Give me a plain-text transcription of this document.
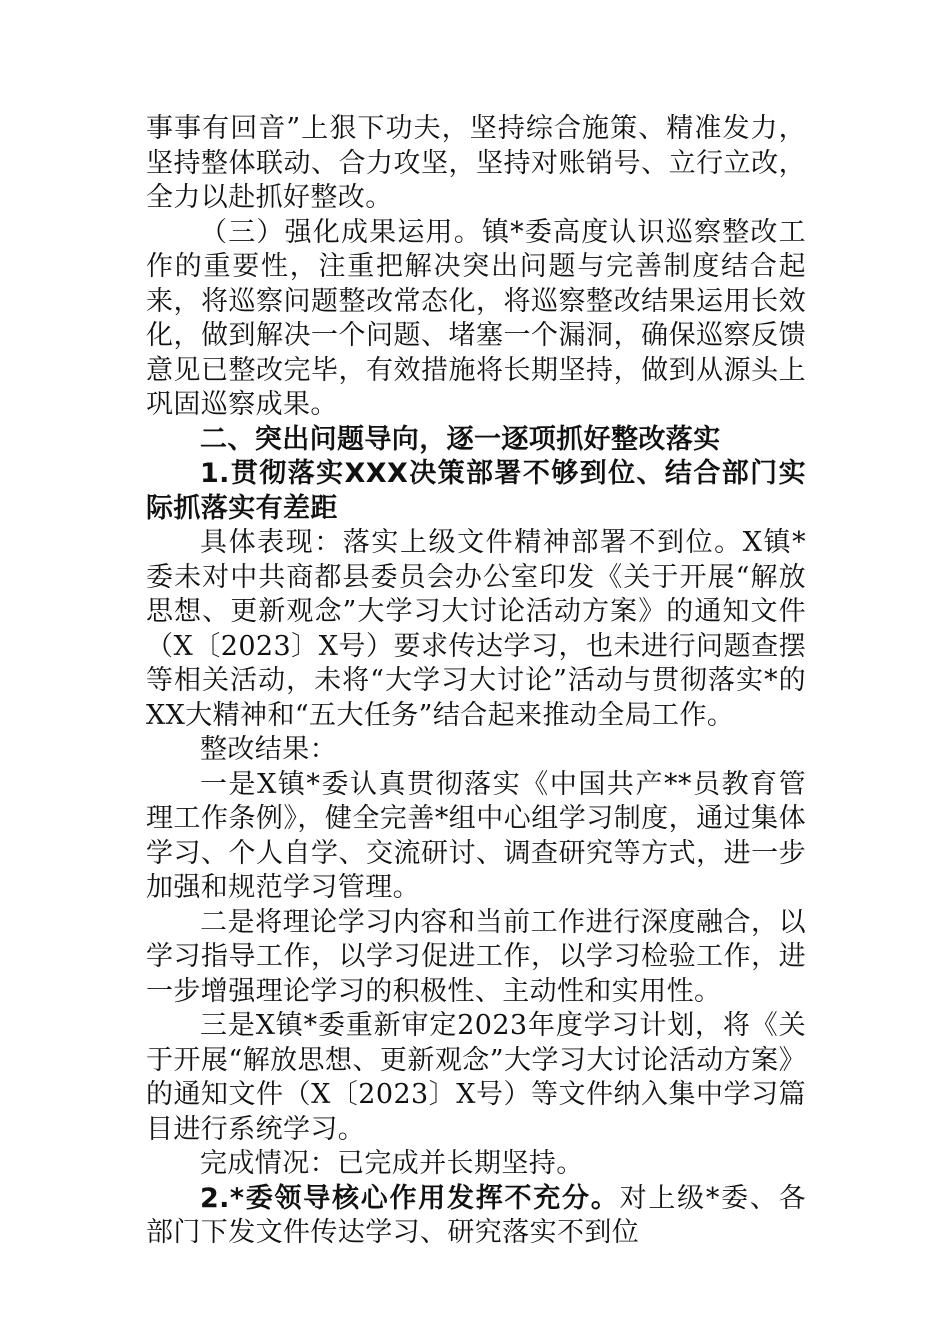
事事有回音”上狠下功夫，坚持综合施策、精准发力，坚持整体联动、合力攻坚，坚持对账销号、立行立改，全力以赴抓好整改。

（三）强化成果运用。镇*委高度认识巡察整改工作的重要性，注重把解决突出问题与完善制度结合起来，将巡察问题整改常态化，将巡察整改结果运用长效化，做到解决一个问题、堵塞一个漏洞，确保巡察反馈意见已整改完毕，有效措施将长期坚持，做到从源头上巩固巡察成果。

二、突出问题导向，逐一逐项抓好整改落实

1.贯彻落实XXX决策部署不够到位、结合部门实际抓落实有差距

具体表现：落实上级文件精神部署不到位。X镇*委未对中共商都县委员会办公室印发《关于开展“解放思想、更新观念”大学习大讨论活动方案》的通知文件（X〔2023〕X号）要求传达学习，也未进行问题查摆等相关活动，未将“大学习大讨论”活动与贯彻落实*的XX大精神和“五大任务”结合起来推动全局工作。

整改结果：

一是X镇*委认真贯彻落实《中国共产**员教育管理工作条例》，健全完善*组中心组学习制度，通过集体学习、个人自学、交流研讨、调查研究等方式，进一步加强和规范学习管理。

二是将理论学习内容和当前工作进行深度融合，以学习指导工作，以学习促进工作，以学习检验工作，进一步增强理论学习的积极性、主动性和实用性。

三是X镇*委重新审定2023年度学习计划，将《关于开展“解放思想、更新观念”大学习大讨论活动方案》的通知文件（X〔2023〕X号）等文件纳入集中学习篇目进行系统学习。

完成情况：已完成并长期坚持。

2.*委领导核心作用发挥不充分。对上级*委、各部门下发文件传达学习、研究落实不到位
